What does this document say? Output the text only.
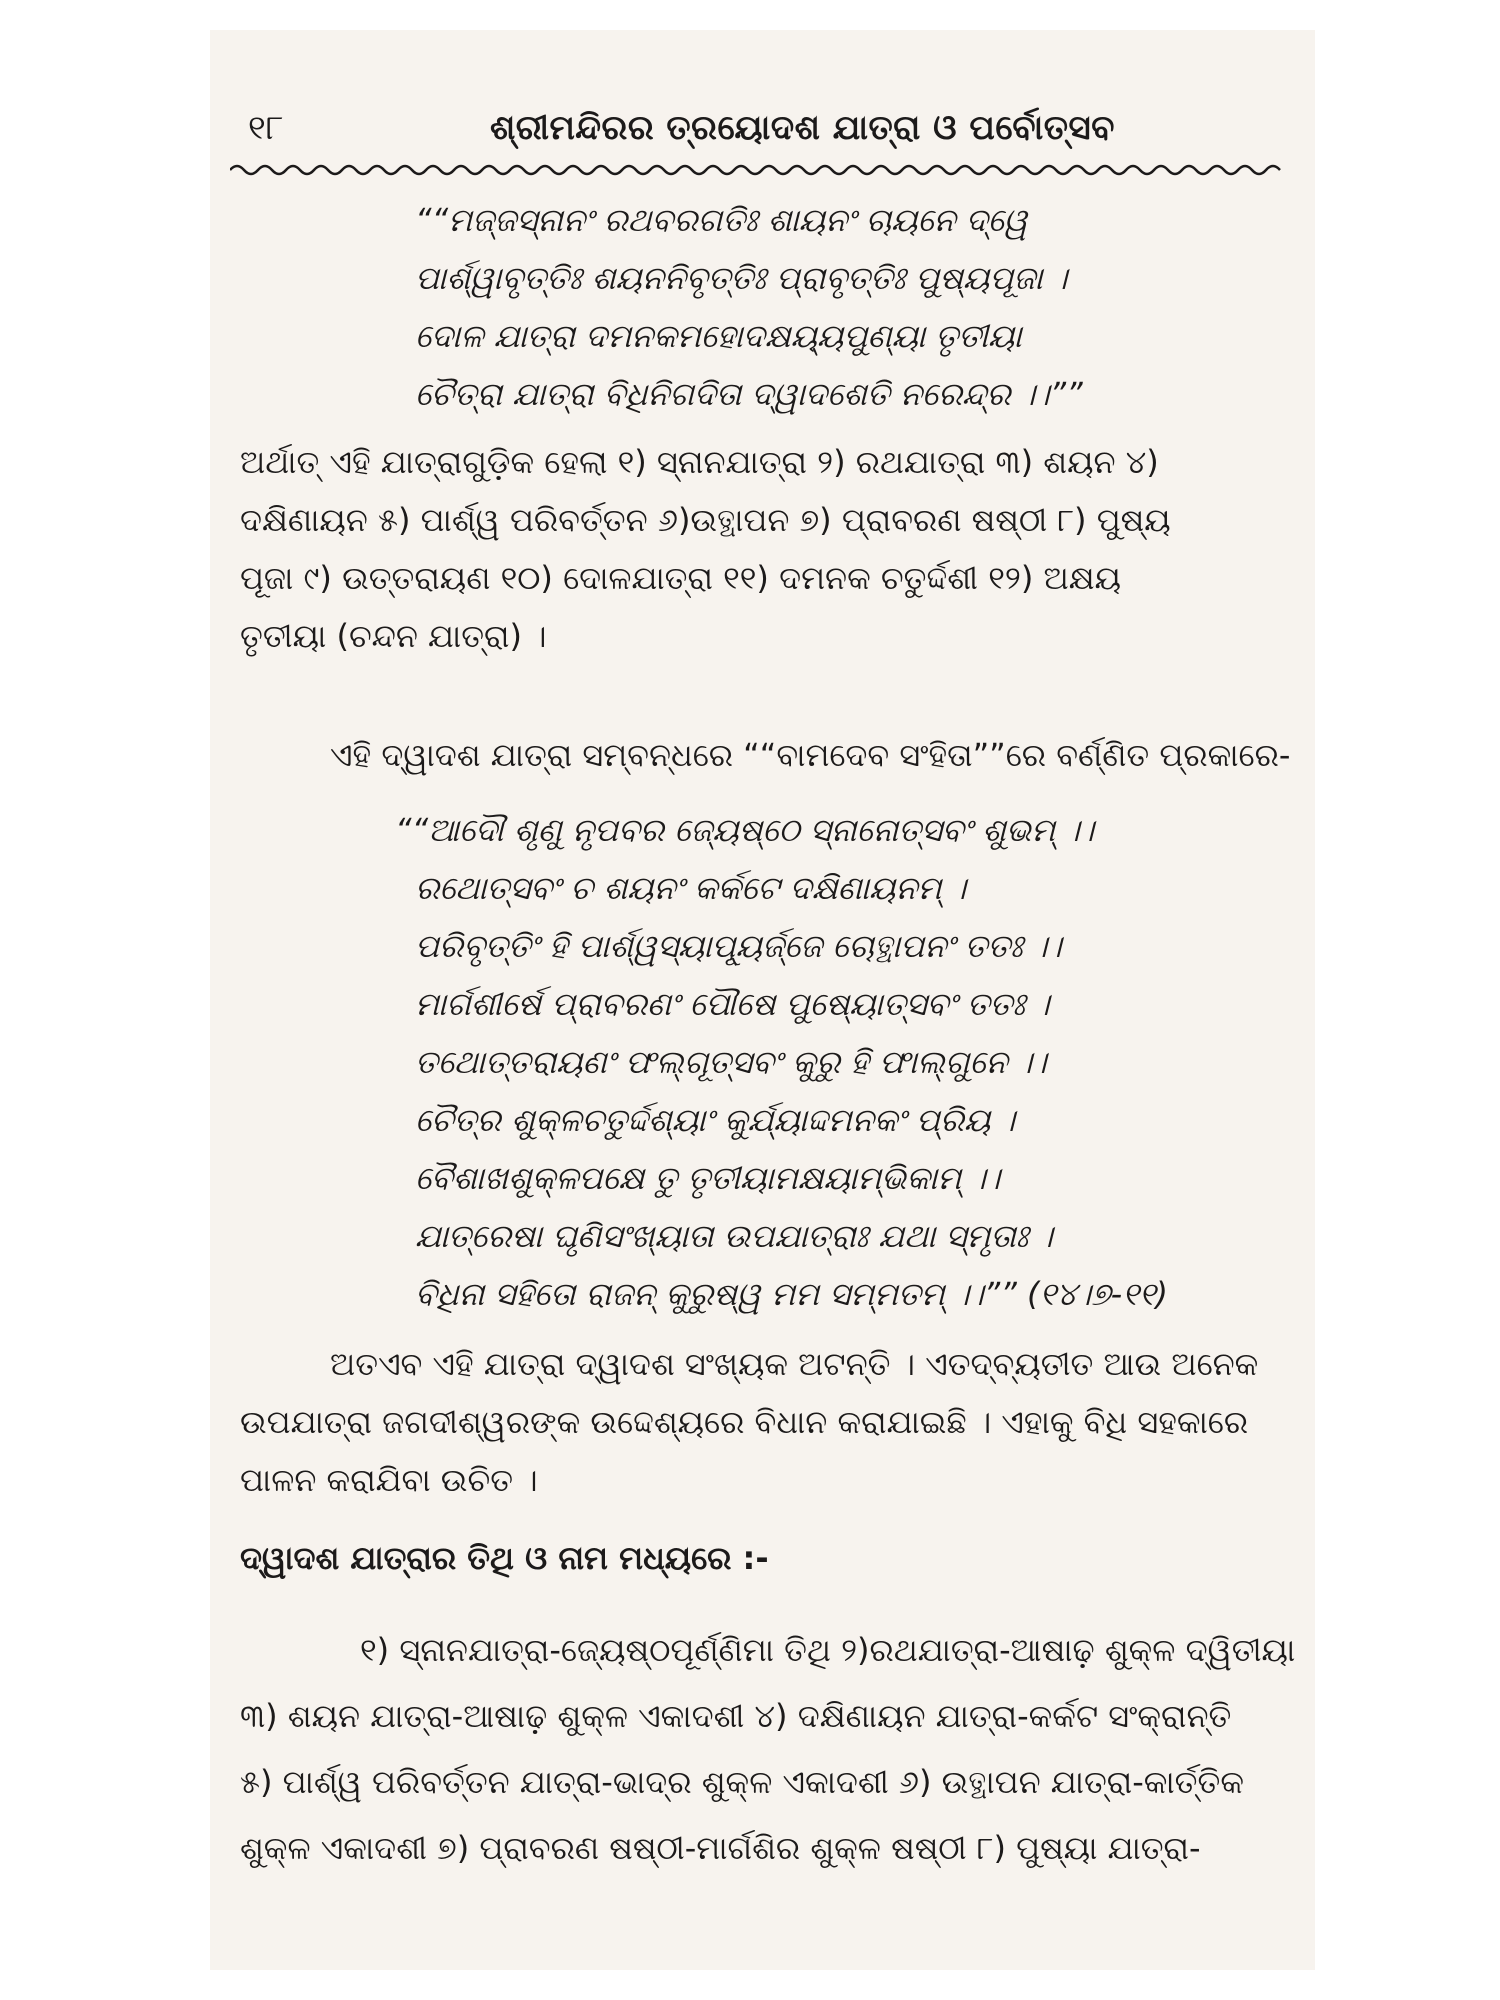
୧୮	ଶ୍ରୀମନ୍ଦିରର ତ୍ରୟୋଦଶ ଯାତ୍ରା ଓ ପର୍ବୋତ୍ସବ
““ମଜ୍ଜସ୍ନାନଂ ରଥବରଗତିଃ ଶାୟନଂ ଚାୟନେ ଦ୍ୱେ
ପାର୍ଶ୍ୱାବୃତ୍ତିଃ ଶୟନନିବୃତ୍ତିଃ ପ୍ରାବୃତ୍ତିଃ ପୁଷ୍ୟପୂଜା ।
ଦୋଳ ଯାତ୍ରା ଦମନକମହୋଦକ୍ଷୟ୍ୟପୁଣ୍ୟା ତୃତୀୟା
ଚୈତ୍ରା ଯାତ୍ରା ବିଧିନିଗଦିତା ଦ୍ୱାଦଶେତି ନରେନ୍ଦ୍ର ।।””
ଅର୍ଥାତ୍ ଏହି ଯାତ୍ରାଗୁଡ଼ିକ ହେଲା ୧) ସ୍ନାନଯାତ୍ରା ୨) ରଥଯାତ୍ରା ୩) ଶୟନ ୪)
ଦକ୍ଷିଣାୟନ ୫) ପାର୍ଶ୍ୱ ପରିବର୍ତ୍ତନ ୬)ଉତ୍ଥାପନ ୭) ପ୍ରାବରଣ ଷଷ୍ଠୀ ୮) ପୁଷ୍ୟ
ପୂଜା ୯) ଉତ୍ତରାୟଣ ୧୦) ଦୋଳଯାତ୍ରା ୧୧) ଦମନକ ଚତୁର୍ଦ୍ଦଶୀ ୧୨) ଅକ୍ଷୟ
ତୃତୀୟା (ଚନ୍ଦନ ଯାତ୍ରା) ।
ଏହି ଦ୍ୱାଦଶ ଯାତ୍ରା ସମ୍ବନ୍ଧରେ ““ବାମଦେବ ସଂହିତା””ରେ ବର୍ଣ୍ଣିତ ପ୍ରକାରେ-
““ଆଦୌ ଶୃଣୁ ନୃପବର ଜ୍ୟେଷ୍ଠେ ସ୍ନାନୋତ୍ସବଂ ଶୁଭମ୍ ।।
ରଥୋତ୍ସବଂ ଚ ଶୟନଂ କର୍କଟେ ଦକ୍ଷିଣାୟନମ୍ ।
ପରିବୃତ୍ତିଂ ହି ପାର୍ଶ୍ୱସ୍ୟାପ୍ୟୂର୍ଜ୍ଜେ ଚୋତ୍ଥାପନଂ ତତଃ ।।
ମାର୍ଗଶୀର୍ଷେ ପ୍ରାବରଣଂ ପୌଷେ ପୁଷ୍ୟୋତ୍ସବଂ ତତଃ ।
ତଥୋତ୍ତରାୟଣଂ ଫଲ୍‌ଗୂତ୍ସବଂ କୁରୁ ହି ଫାଲ୍‌ଗୁନେ ।।
ଚୈତ୍ର ଶୁକ୍ଳଚତୁର୍ଦ୍ଦଶ୍ୟାଂ କୁର୍ଯ୍ୟାଦ୍ଦମନକଂ ପ୍ରିୟ ।
ବୈଶାଖଶୁକ୍ଳପକ୍ଷେ ତୁ ତୃତୀୟାମକ୍ଷୟାମ୍ଭିକାମ୍ ।।
ଯାତ୍ରେଷା ଘୃଣିସଂଖ୍ୟାତା ଉପଯାତ୍ରାଃ ଯଥା ସ୍ମୃତାଃ ।
ବିଧିନା ସହିତୋ ରାଜନ୍ କୁରୁଷ୍ୱ ମମ ସମ୍ମତମ୍ ।।”” (୧୪।୭-୧୧)
ଅତଏବ ଏହି ଯାତ୍ରା ଦ୍ୱାଦଶ ସଂଖ୍ୟକ ଅଟନ୍ତି । ଏତଦ୍‌ବ୍ୟତୀତ ଆଉ ଅନେକ
ଉପଯାତ୍ରା ଜଗଦୀଶ୍ୱରଙ୍କ ଉଦ୍ଦେଶ୍ୟରେ ବିଧାନ କରାଯାଇଛି । ଏହାକୁ ବିଧି ସହକାରେ
ପାଳନ କରାଯିବା ଉଚିତ ।
ଦ୍ୱାଦଶ ଯାତ୍ରାର ତିଥି ଓ ନାମ ମଧ୍ୟରେ :-
୧) ସ୍ନାନଯାତ୍ରା-ଜ୍ୟେଷ୍ଠପୂର୍ଣ୍ଣିମା ତିଥି ୨)ରଥଯାତ୍ରା-ଆଷାଢ଼ ଶୁକ୍ଳ ଦ୍ୱିତୀୟା
୩) ଶୟନ ଯାତ୍ରା-ଆଷାଢ଼ ଶୁକ୍ଳ ଏକାଦଶୀ ୪) ଦକ୍ଷିଣାୟନ ଯାତ୍ରା-କର୍କଟ ସଂକ୍ରାନ୍ତି
୫) ପାର୍ଶ୍ୱ ପରିବର୍ତ୍ତନ ଯାତ୍ରା-ଭାଦ୍ର ଶୁକ୍ଳ ଏକାଦଶୀ ୬) ଉତ୍ଥାପନ ଯାତ୍ରା-କାର୍ତ୍ତିକ
ଶୁକ୍ଳ ଏକାଦଶୀ ୭) ପ୍ରାବରଣ ଷଷ୍ଠୀ-ମାର୍ଗଶିର ଶୁକ୍ଳ ଷଷ୍ଠୀ ୮) ପୁଷ୍ୟା ଯାତ୍ରା-
